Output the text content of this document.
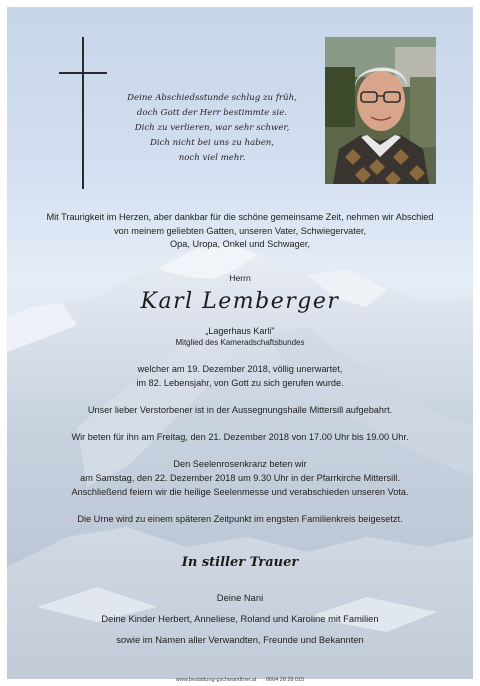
Deine Abschiedsstunde schlug zu früh,
doch Gott der Herr bestimmte sie.
Dich zu verlieren, war sehr schwer,
Dich nicht bei uns zu haben,
noch viel mehr.
Mit Traurigkeit im Herzen, aber dankbar für die schöne gemeinsame Zeit, nehmen wir Abschied
von meinem geliebten Gatten, unseren Vater, Schwiegervater,
Opa, Uropa, Onkel und Schwager,
Herrn
Karl Lemberger
„Lagerhaus Karli"
Mitglied des Kameradschaftsbundes
welcher am 19. Dezember 2018, völlig unerwartet,
im 82. Lebensjahr, von Gott zu sich gerufen wurde.
Unser lieber Verstorbener ist in der Aussegnungshalle Mittersill aufgebahrt.
Wir beten für ihn am Freitag, den 21. Dezember 2018 von 17.00 Uhr bis 19.00 Uhr.
Den Seelenrosenkranz beten wir
am Samstag, den 22. Dezember 2018 um 9.30 Uhr in der Pfarrkirche Mittersill.
Anschließend feiern wir die heilige Seelenmesse und verabschieden unseren Vota.
Die Urne wird zu einem späteren Zeitpunkt im engsten Familienkreis beigesetzt.
In stiller Trauer
Deine Nani
Deine Kinder Herbert, Anneliese, Roland und Karoline mit Familien
sowie im Namen aller Verwandten, Freunde und Bekannten
www.bestattung-gschwandtner.at 0664 28 28 015
